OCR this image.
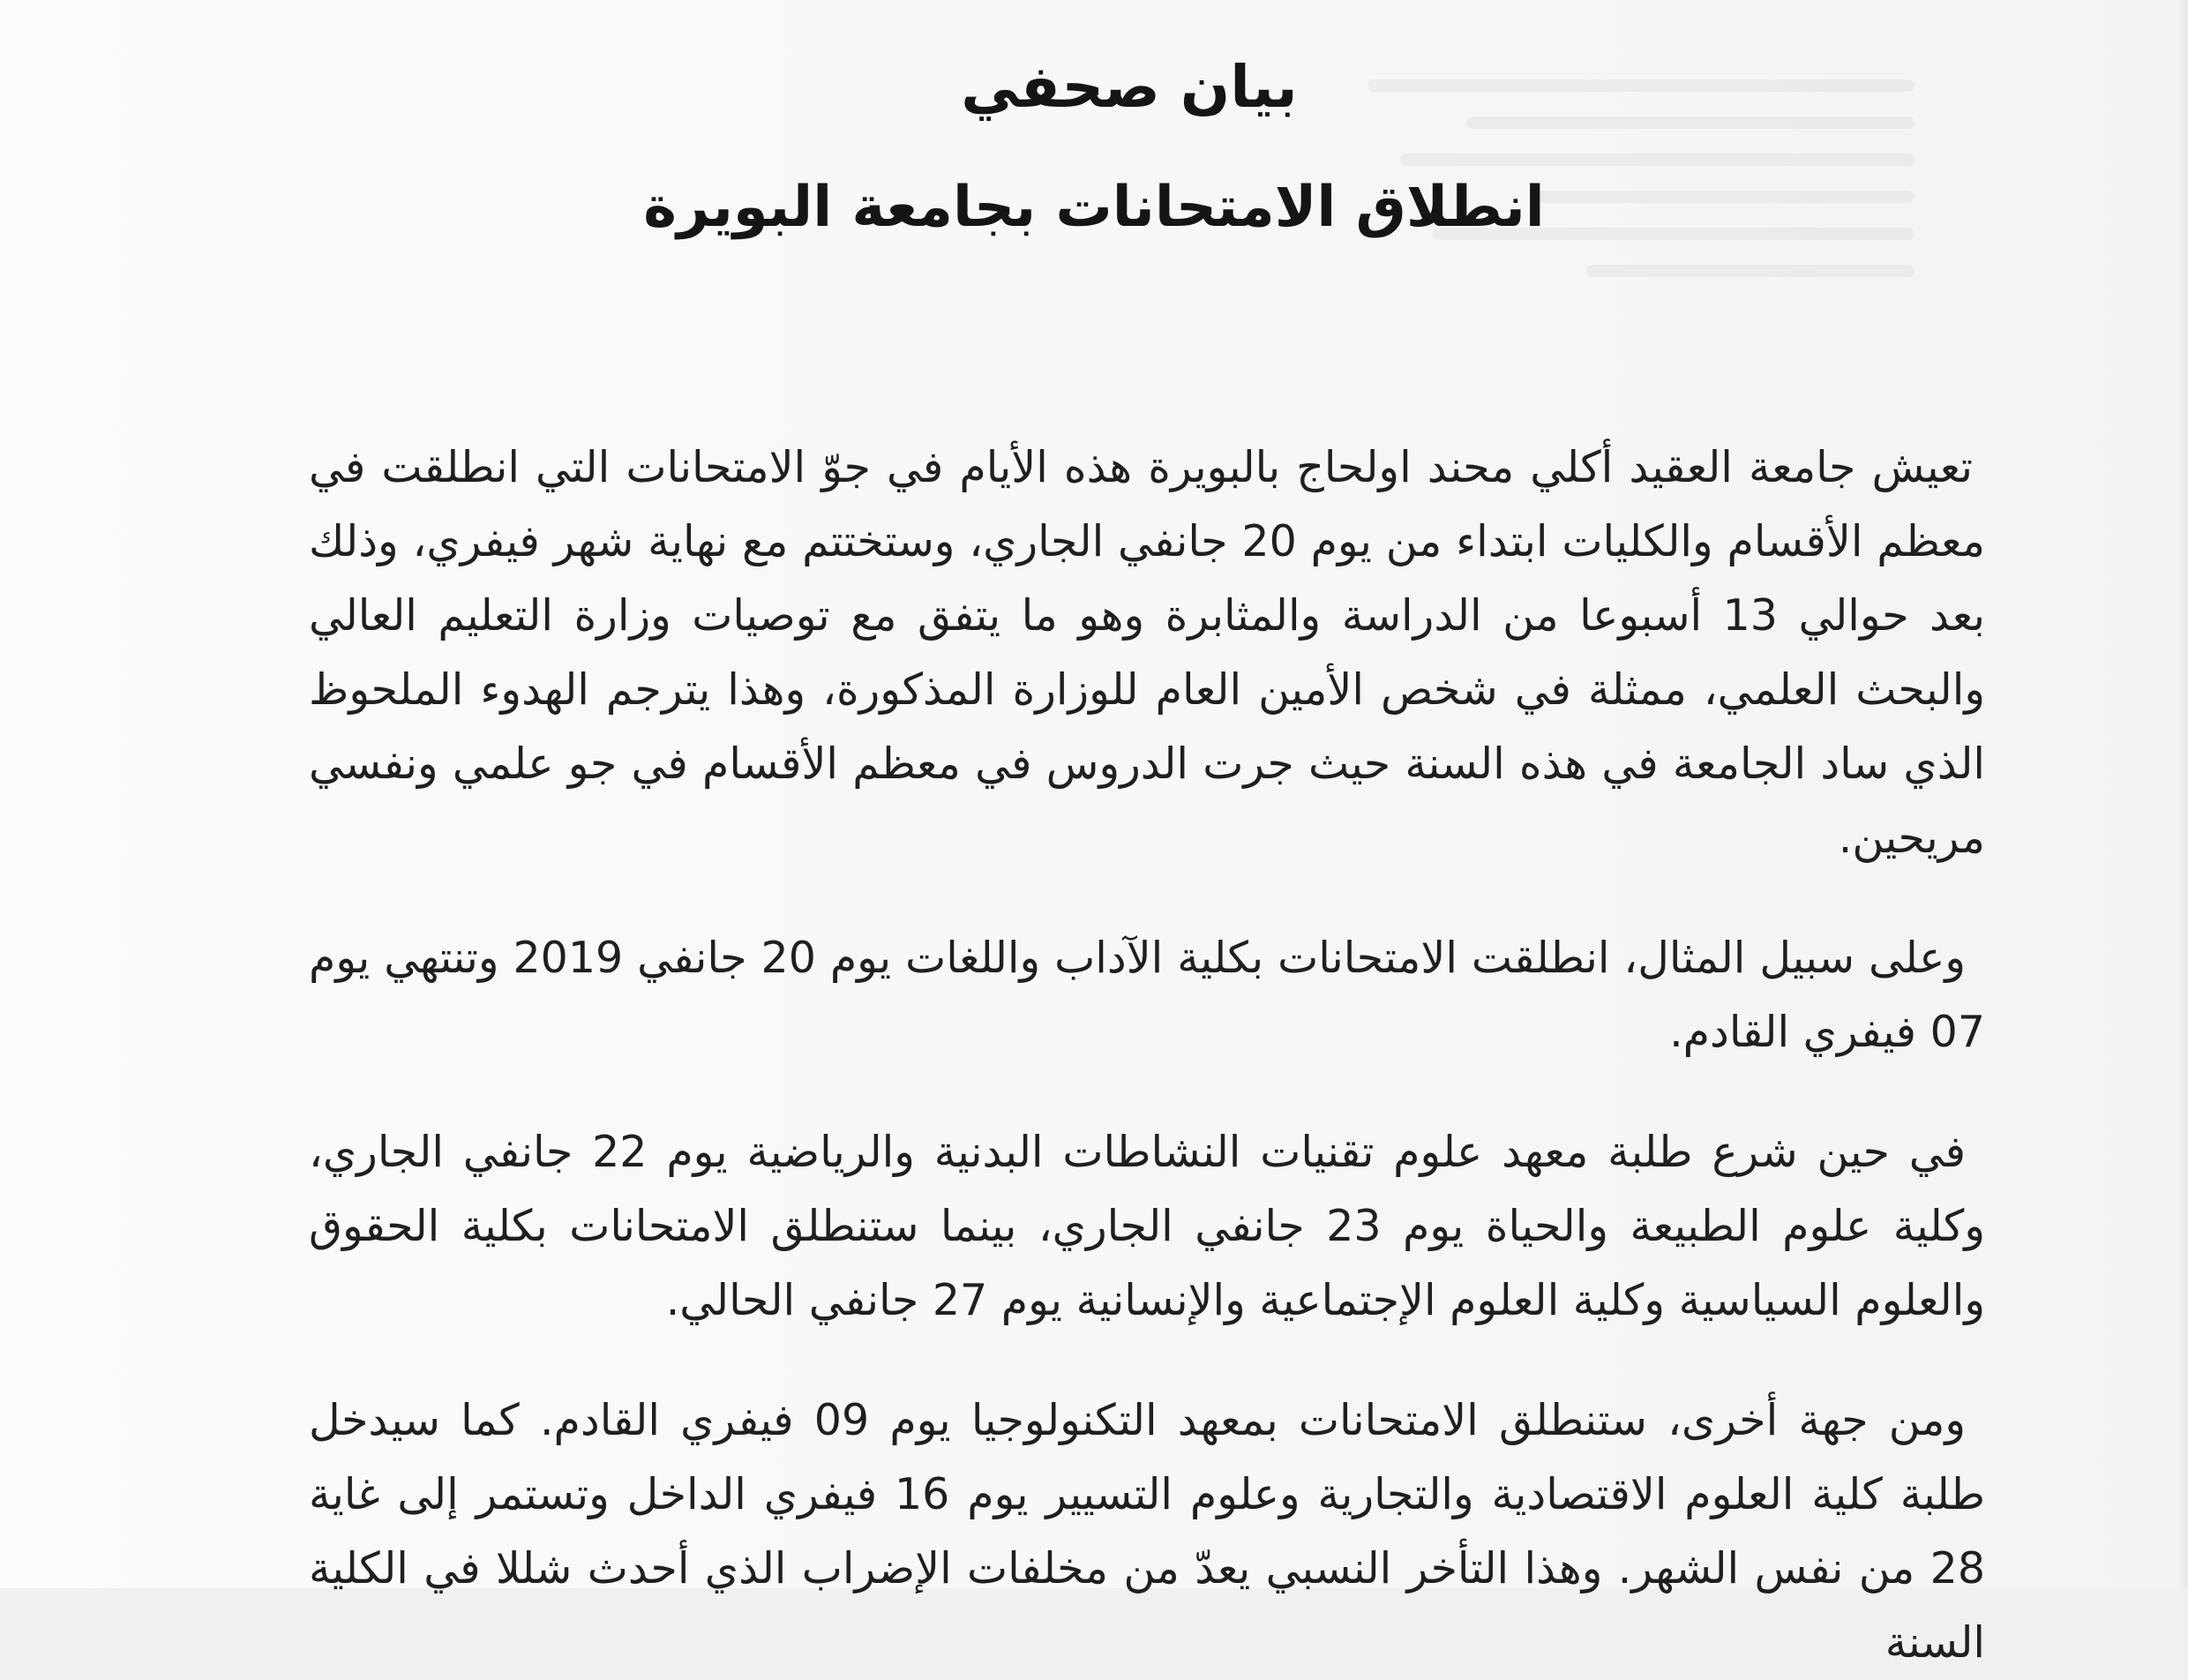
بيان صحفي
انطلاق الامتحانات بجامعة البويرة

تعيش جامعة العقيد أكلي محند اولحاج بالبويرة هذه الأيام في جوّ الامتحانات التي انطلقت في معظم الأقسام والكليات ابتداء من يوم 20 جانفي الجاري، وستختتم مع نهاية شهر فيفري، وذلك بعد حوالي 13 أسبوعا من الدراسة والمثابرة وهو ما يتفق مع توصيات وزارة التعليم العالي والبحث العلمي، ممثلة في شخص الأمين العام للوزارة المذكورة، وهذا يترجم الهدوء الملحوظ الذي ساد الجامعة في هذه السنة حيث جرت الدروس في معظم الأقسام في جو علمي ونفسي مريحين.

وعلى سبيل المثال، انطلقت الامتحانات بكلية الآداب واللغات يوم 20 جانفي 2019 وتنتهي يوم 07 فيفري القادم.

في حين شرع طلبة معهد علوم تقنيات النشاطات البدنية والرياضية يوم 22 جانفي الجاري، وكلية علوم الطبيعة والحياة يوم 23 جانفي الجاري، بينما ستنطلق الامتحانات بكلية الحقوق والعلوم السياسية وكلية العلوم الإجتماعية والإنسانية يوم 27 جانفي الحالي.

ومن جهة أخرى، ستنطلق الامتحانات بمعهد التكنولوجيا يوم 09 فيفري القادم. كما سيدخل طلبة كلية العلوم الاقتصادية والتجارية وعلوم التسيير يوم 16 فيفري الداخل وتستمر إلى غاية 28 من نفس الشهر. وهذا التأخر النسبي يعدّ من مخلفات الإضراب الذي أحدث شللا في الكلية السنة
